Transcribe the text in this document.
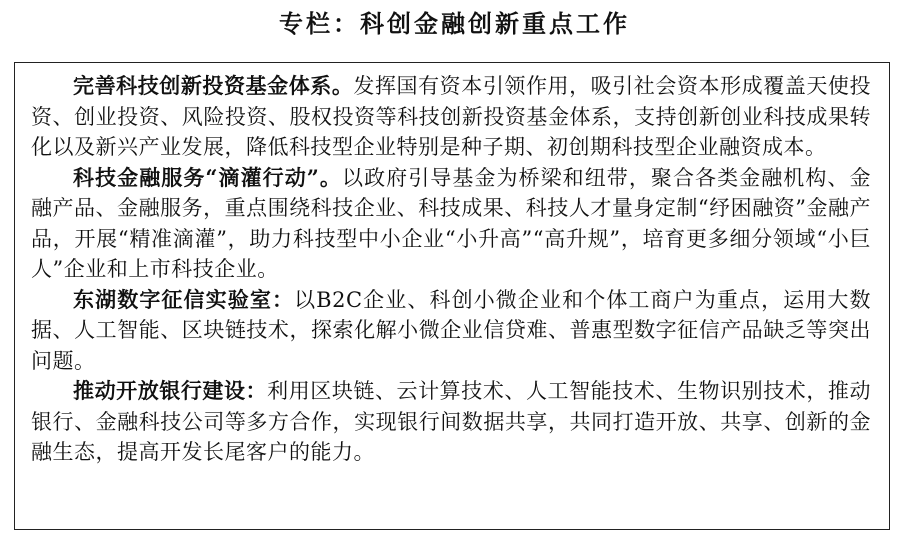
专栏：科创金融创新重点工作

完善科技创新投资基金体系。发挥国有资本引领作用，吸引社会资本形成覆盖天使投资、创业投资、风险投资、股权投资等科技创新投资基金体系，支持创新创业科技成果转化以及新兴产业发展，降低科技型企业特别是种子期、初创期科技型企业融资成本。

科技金融服务“滴灌行动”。以政府引导基金为桥梁和纽带，聚合各类金融机构、金融产品、金融服务，重点围绕科技企业、科技成果、科技人才量身定制“纾困融资”金融产品，开展“精准滴灌”，助力科技型中小企业“小升高”“高升规”，培育更多细分领域“小巨人”企业和上市科技企业。

东湖数字征信实验室：以B2C企业、科创小微企业和个体工商户为重点，运用大数据、人工智能、区块链技术，探索化解小微企业信贷难、普惠型数字征信产品缺乏等突出问题。

推动开放银行建设：利用区块链、云计算技术、人工智能技术、生物识别技术，推动银行、金融科技公司等多方合作，实现银行间数据共享，共同打造开放、共享、创新的金融生态，提高开发长尾客户的能力。
